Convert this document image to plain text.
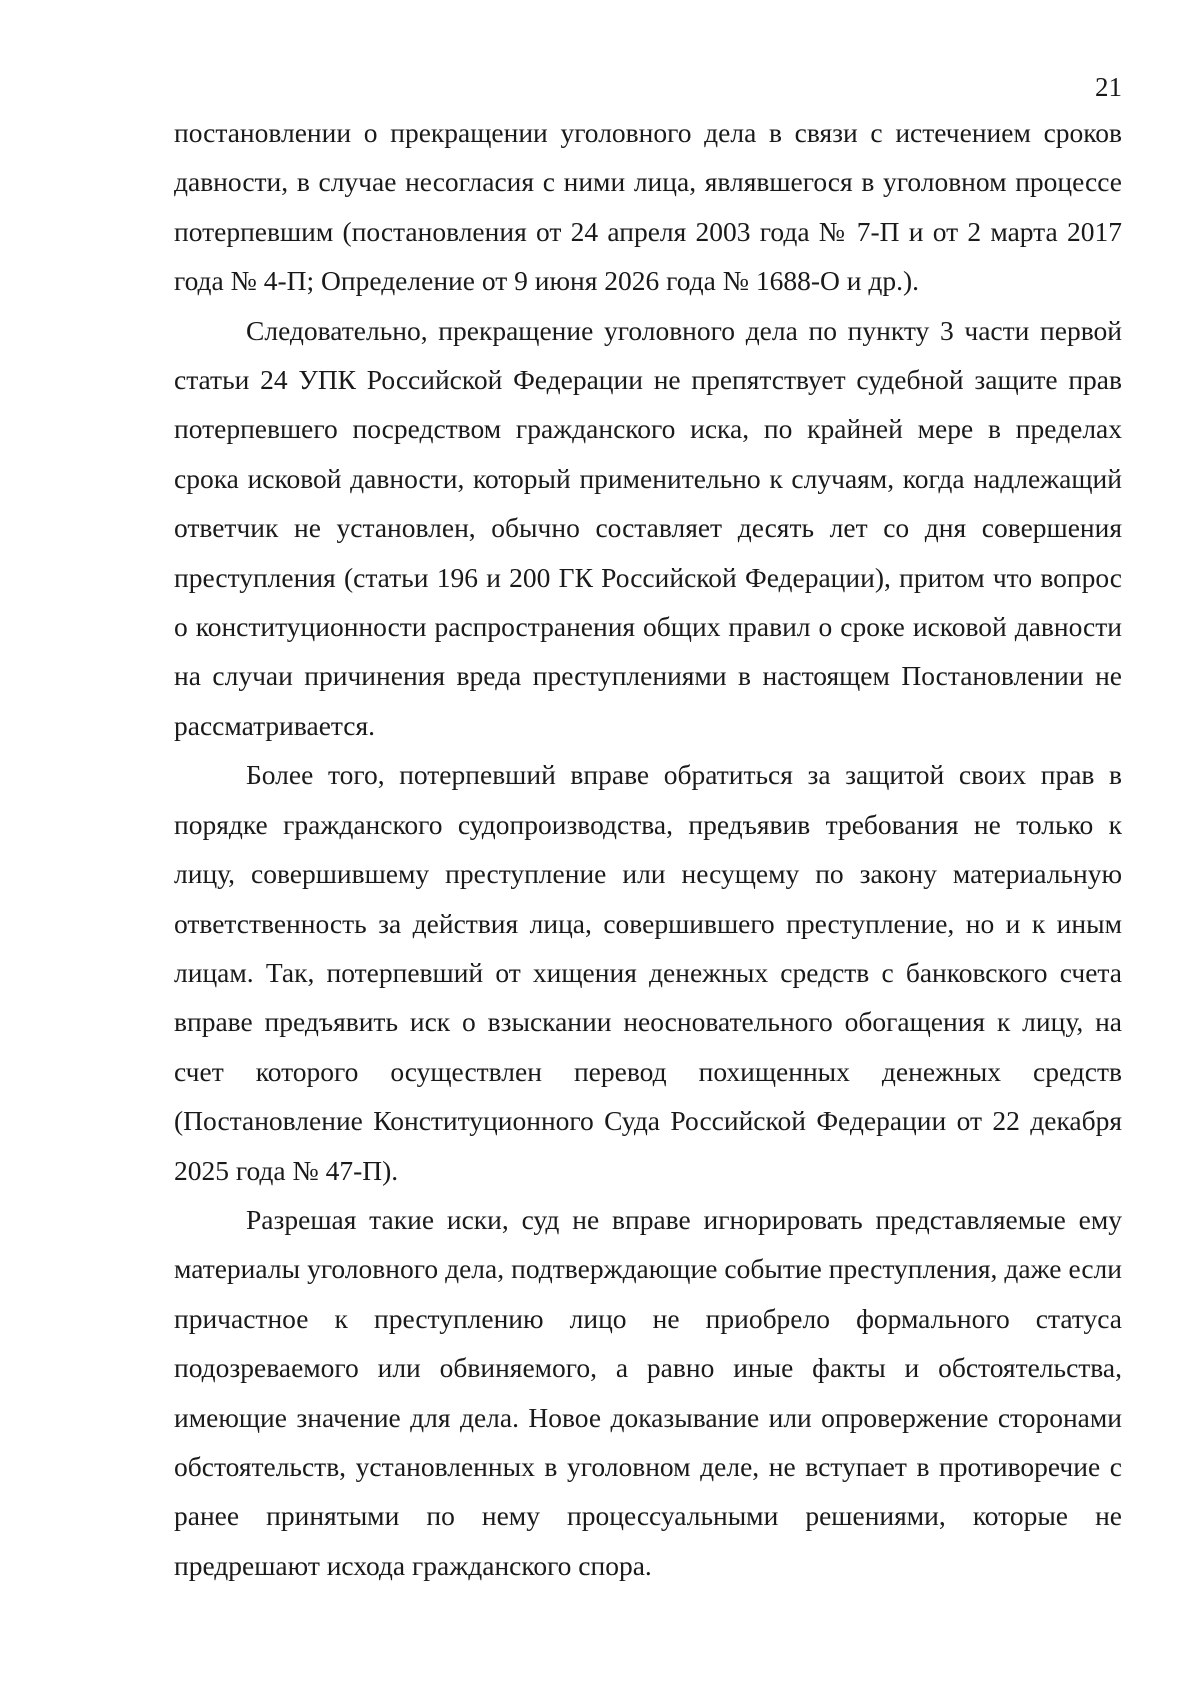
21

постановлении о прекращении уголовного дела в связи с истечением сроков давности, в случае несогласия с ними лица, являвшегося в уголовном процессе потерпевшим (постановления от 24 апреля 2003 года № 7-П и от 2 марта 2017 года № 4-П; Определение от 9 июня 2026 года № 1688-О и др.).

Следовательно, прекращение уголовного дела по пункту 3 части первой статьи 24 УПК Российской Федерации не препятствует судебной защите прав потерпевшего посредством гражданского иска, по крайней мере в пределах срока исковой давности, который применительно к случаям, когда надлежащий ответчик не установлен, обычно составляет десять лет со дня совершения преступления (статьи 196 и 200 ГК Российской Федерации), притом что вопрос о конституционности распространения общих правил о сроке исковой давности на случаи причинения вреда преступлениями в настоящем Постановлении не рассматривается.

Более того, потерпевший вправе обратиться за защитой своих прав в порядке гражданского судопроизводства, предъявив требования не только к лицу, совершившему преступление или несущему по закону материальную ответственность за действия лица, совершившего преступление, но и к иным лицам. Так, потерпевший от хищения денежных средств с банковского счета вправе предъявить иск о взыскании неосновательного обогащения к лицу, на счет которого осуществлен перевод похищенных денежных средств (Постановление Конституционного Суда Российской Федерации от 22 декабря 2025 года № 47-П).

Разрешая такие иски, суд не вправе игнорировать представляемые ему материалы уголовного дела, подтверждающие событие преступления, даже если причастное к преступлению лицо не приобрело формального статуса подозреваемого или обвиняемого, а равно иные факты и обстоятельства, имеющие значение для дела. Новое доказывание или опровержение сторонами обстоятельств, установленных в уголовном деле, не вступает в противоречие с ранее принятыми по нему процессуальными решениями, которые не предрешают исхода гражданского спора.
